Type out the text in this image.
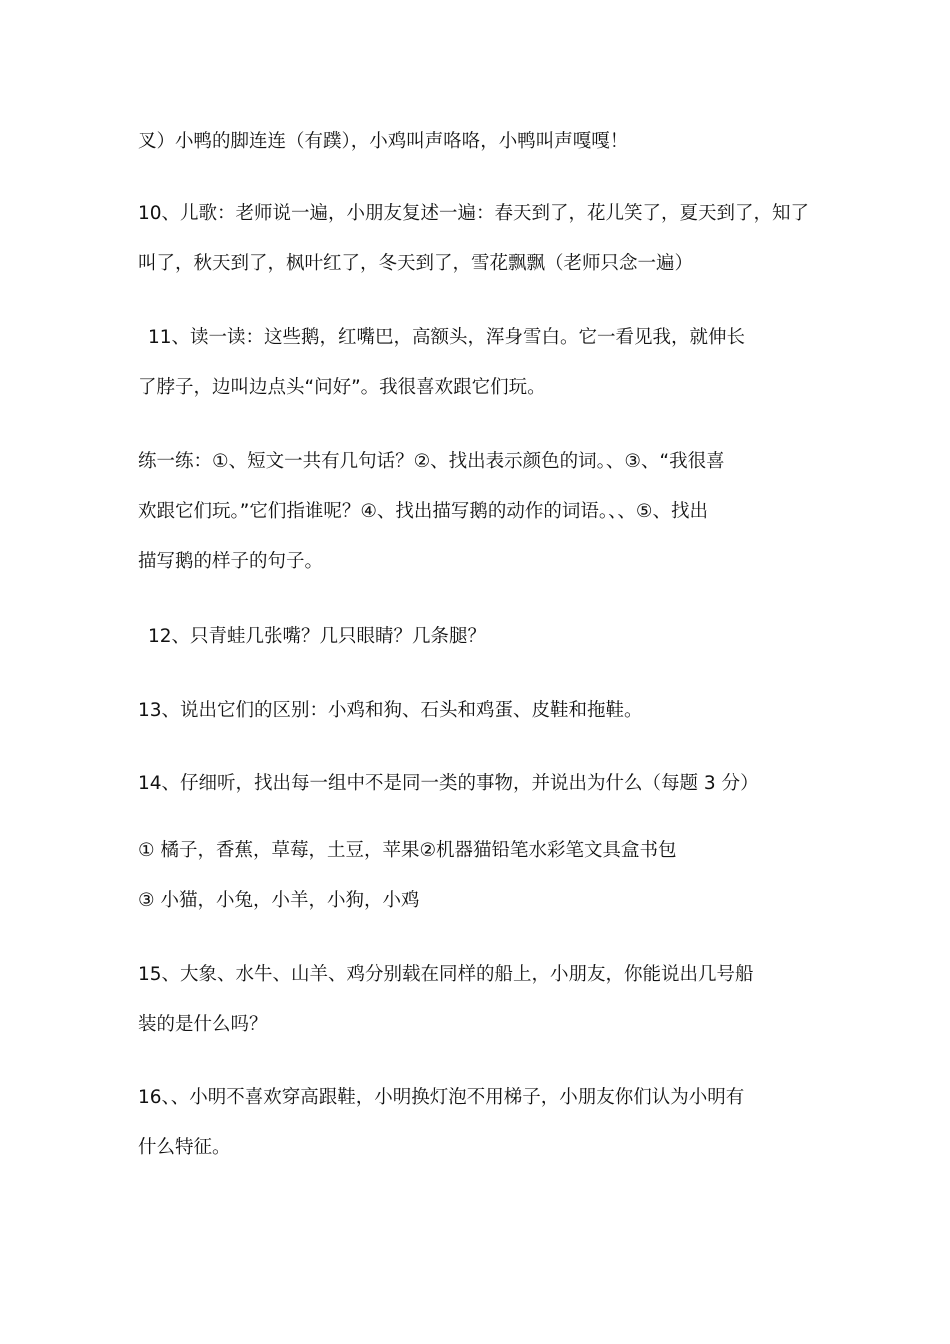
叉）小鸭的脚连连（有蹼），小鸡叫声咯咯，小鸭叫声嘎嘎！
10、儿歌：老师说一遍，小朋友复述一遍：春天到了，花儿笑了，夏天到了，知了
叫了，秋天到了，枫叶红了，冬天到了，雪花飘飘（老师只念一遍）
11、读一读：这些鹅，红嘴巴，高额头，浑身雪白。它一看见我，就伸长
了脖子，边叫边点头“问好”。我很喜欢跟它们玩。
练一练：①、短文一共有几句话？②、找出表示颜色的词。、③、“我很喜
欢跟它们玩。”它们指谁呢？④、找出描写鹅的动作的词语。、、⑤、找出
描写鹅的样子的句子。
12、只青蛙几张嘴？几只眼睛？几条腿？
13、说出它们的区别：小鸡和狗、石头和鸡蛋、皮鞋和拖鞋。
14、仔细听，找出每一组中不是同一类的事物，并说出为什么（每题 3 分）
① 橘子，香蕉，草莓，土豆，苹果②机器猫铅笔水彩笔文具盒书包
③ 小猫，小兔，小羊，小狗，小鸡
15、大象、水牛、山羊、鸡分别载在同样的船上，小朋友，你能说出几号船
装的是什么吗？
16、、小明不喜欢穿高跟鞋，小明换灯泡不用梯子，小朋友你们认为小明有
什么特征。
